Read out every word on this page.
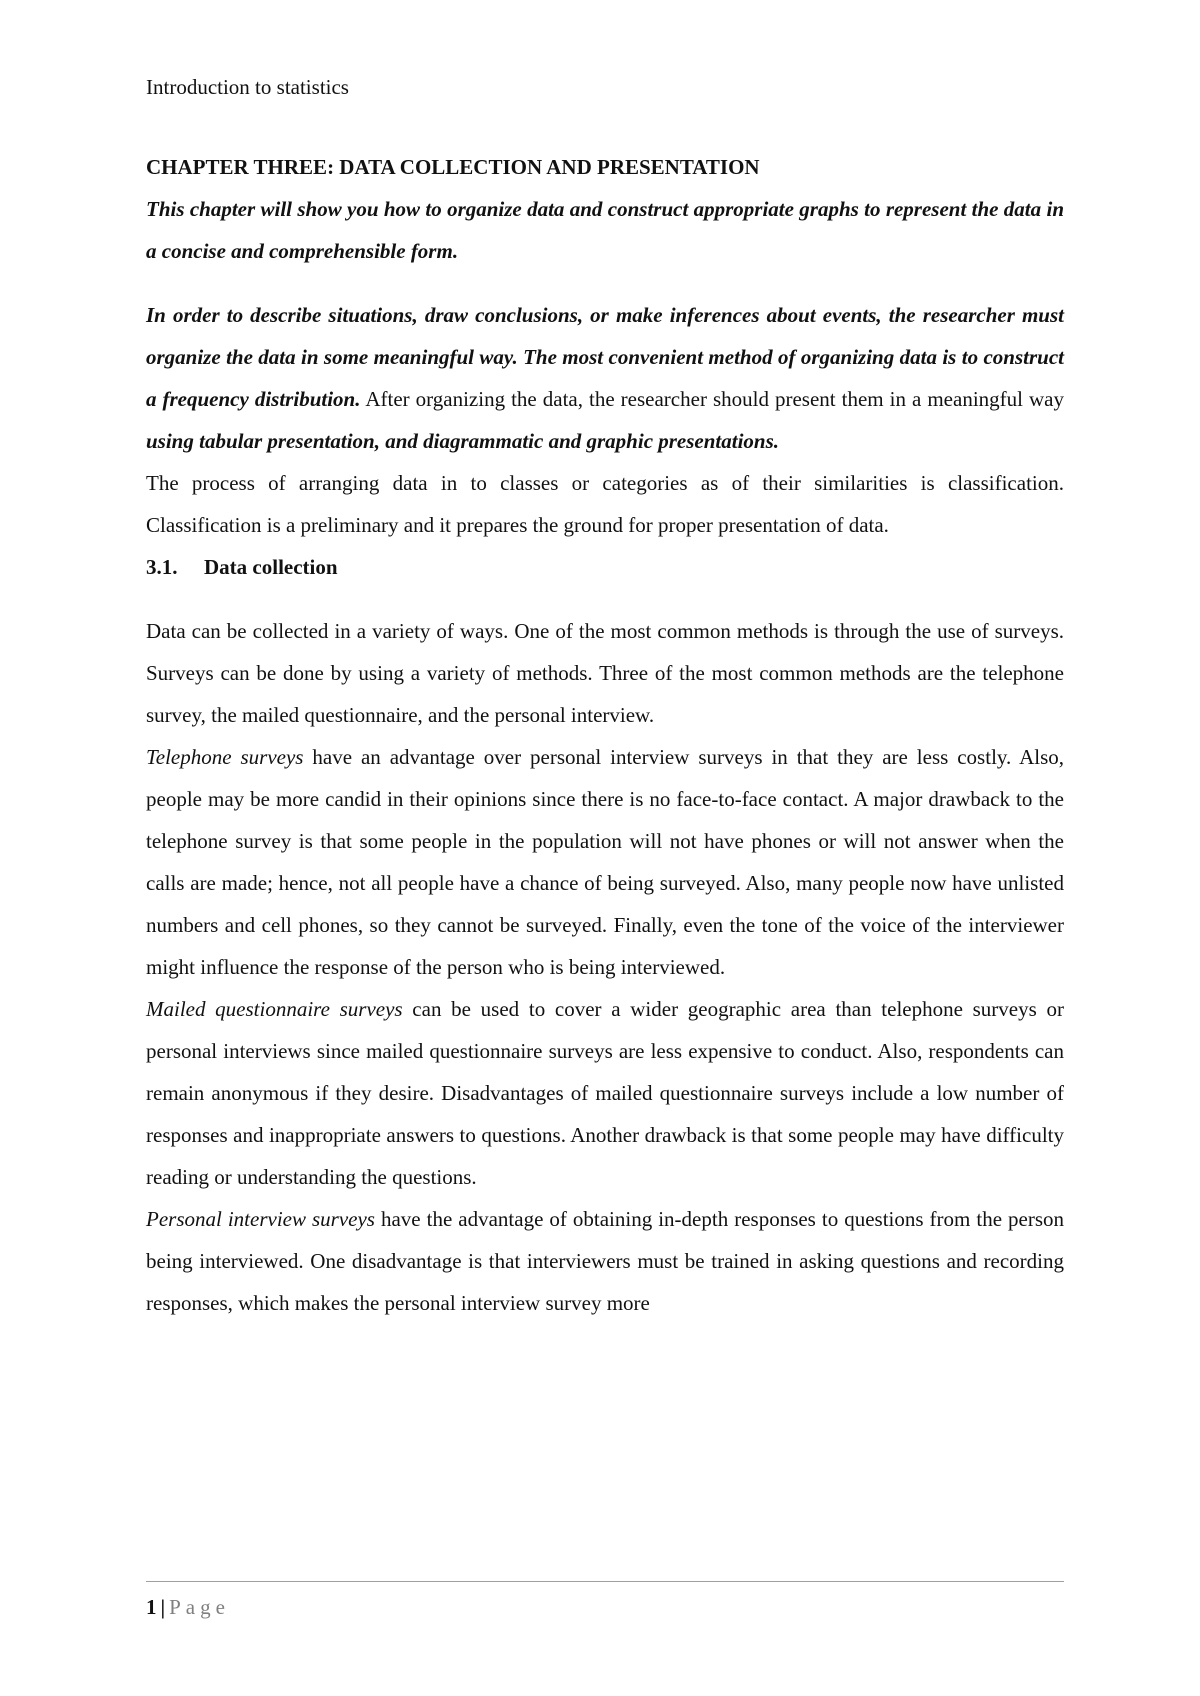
Introduction to statistics

CHAPTER THREE: DATA COLLECTION AND PRESENTATION

This chapter will show you how to organize data and construct appropriate graphs to represent the data in a concise and comprehensible form.

In order to describe situations, draw conclusions, or make inferences about events, the researcher must organize the data in some meaningful way. The most convenient method of organizing data is to construct a frequency distribution. After organizing the data, the researcher should present them in a meaningful way using tabular presentation, and diagrammatic and graphic presentations.

The process of arranging data in to classes or categories as of their similarities is classification. Classification is a preliminary and it prepares the ground for proper presentation of data.

3.1. Data collection

Data can be collected in a variety of ways. One of the most common methods is through the use of surveys. Surveys can be done by using a variety of methods. Three of the most common methods are the telephone survey, the mailed questionnaire, and the personal interview.

Telephone surveys have an advantage over personal interview surveys in that they are less costly. Also, people may be more candid in their opinions since there is no face-to-face contact. A major drawback to the telephone survey is that some people in the population will not have phones or will not answer when the calls are made; hence, not all people have a chance of being surveyed. Also, many people now have unlisted numbers and cell phones, so they cannot be surveyed. Finally, even the tone of the voice of the interviewer might influence the response of the person who is being interviewed.

Mailed questionnaire surveys can be used to cover a wider geographic area than telephone surveys or personal interviews since mailed questionnaire surveys are less expensive to conduct. Also, respondents can remain anonymous if they desire. Disadvantages of mailed questionnaire surveys include a low number of responses and inappropriate answers to questions. Another drawback is that some people may have difficulty reading or understanding the questions.

Personal interview surveys have the advantage of obtaining in-depth responses to questions from the person being interviewed. One disadvantage is that interviewers must be trained in asking questions and recording responses, which makes the personal interview survey more

1 | Page
